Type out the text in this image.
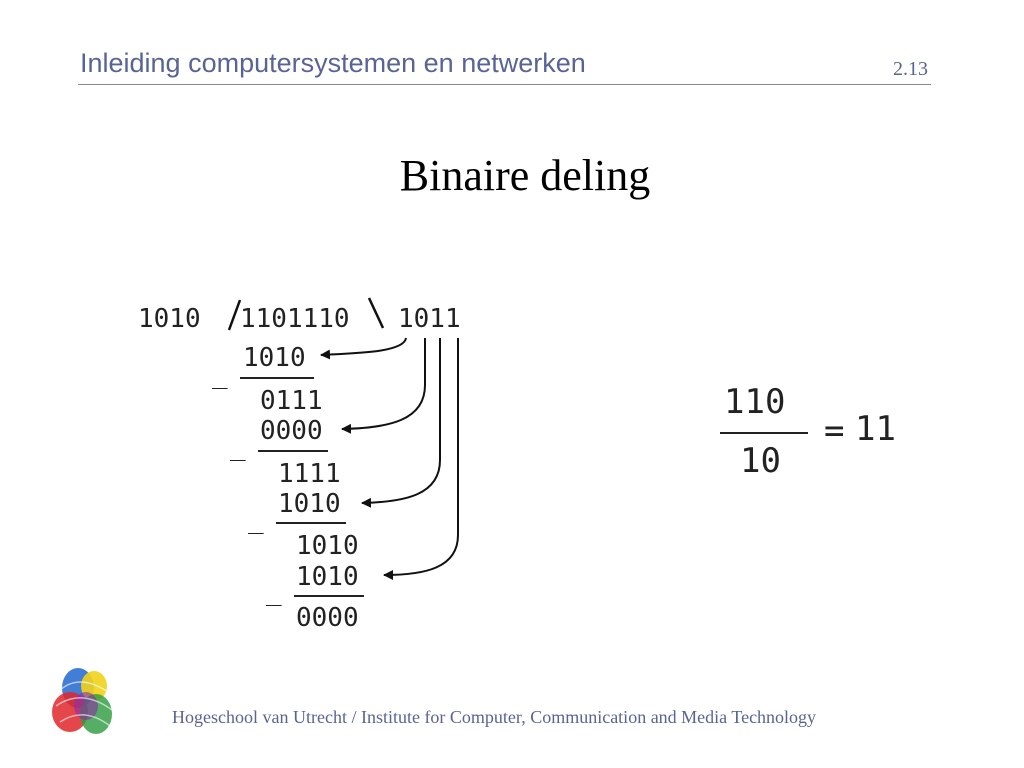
Inleiding computersystemen en netwerken	2.13
Binaire deling
1010 1101110 1011
_
1010
0111
_
0000
1111
_
1010
1010
_ 1010
0000
110
10
= 11
Hogeschool van Utrecht / Institute for Computer, Communication and Media Technology
